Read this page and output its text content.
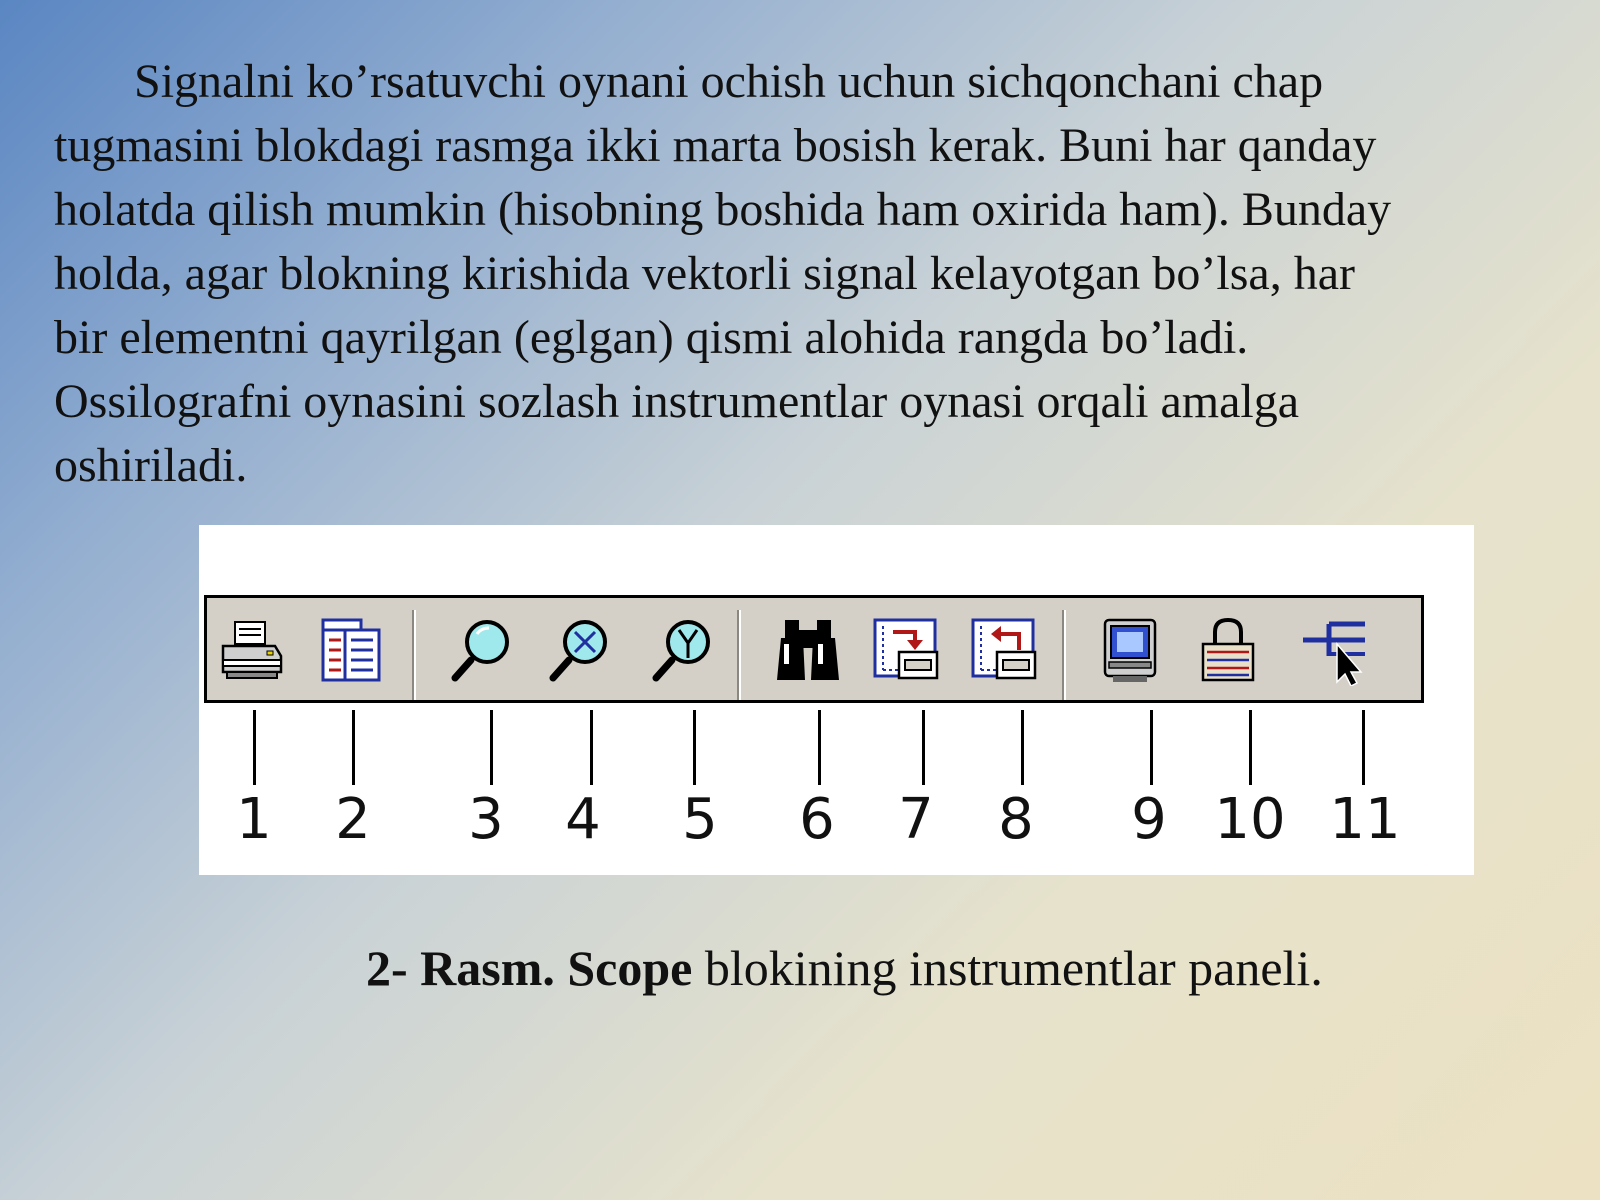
Signalni ko’rsatuvchi oynani ochish uchun sichqonchani chap
tugmasini blokdagi rasmga ikki marta bosish kerak. Buni har qanday
holatda qilish mumkin (hisobning boshida ham oxirida ham). Bunday
holda, agar blokning kirishida vektorli signal kelayotgan bo’lsa, har
bir elementni qayrilgan (eglgan) qismi alohida rangda bo’ladi.
Ossilografni oynasini sozlash instrumentlar oynasi orqali amalga
oshiriladi.

1	2	3	4	5	6	7	8	9 10 11

2- Rasm. Scope blokining instrumentlar paneli.
